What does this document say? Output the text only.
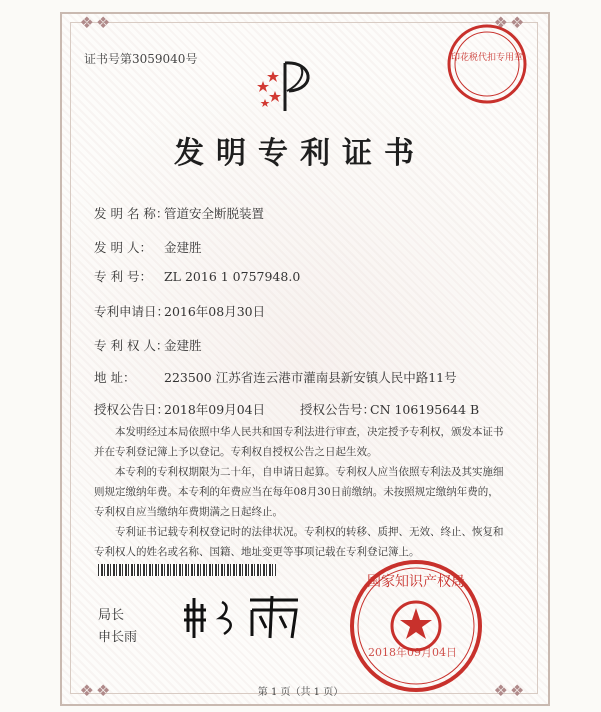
❖❖	❖❖
❖❖	❖❖
证书号第3059040号	印花税代扣专用章
发明专利证书
发 明 名 称：管道安全断脱装置
发 明 人： 金建胜
专 利 号： ZL 2016 1 0757948.0
专利申请日：2016年08月30日
专 利 权 人：金建胜
地 址： 223500 江苏省连云港市灌南县新安镇人民中路11号
授权公告日：2018年09月04日	授权公告号：CN 106195644 B

本发明经过本局依照中华人民共和国专利法进行审查，决定授予专利权，颁发本证书并在专利登记簿上予以登记。专利权自授权公告之日起生效。

本专利的专利权期限为二十年，自申请日起算。专利权人应当依照专利法及其实施细则规定缴纳年费。本专利的年费应当在每年08月30日前缴纳。未按照规定缴纳年费的，专利权自应当缴纳年费期满之日起终止。

专利证书记载专利权登记时的法律状况。专利权的转移、质押、无效、终止、恢复和专利权人的姓名或名称、国籍、地址变更等事项记载在专利登记簿上。

局长
申长雨
国家知识产权局
2018年09月04日
第 1 页（共 1 页）
